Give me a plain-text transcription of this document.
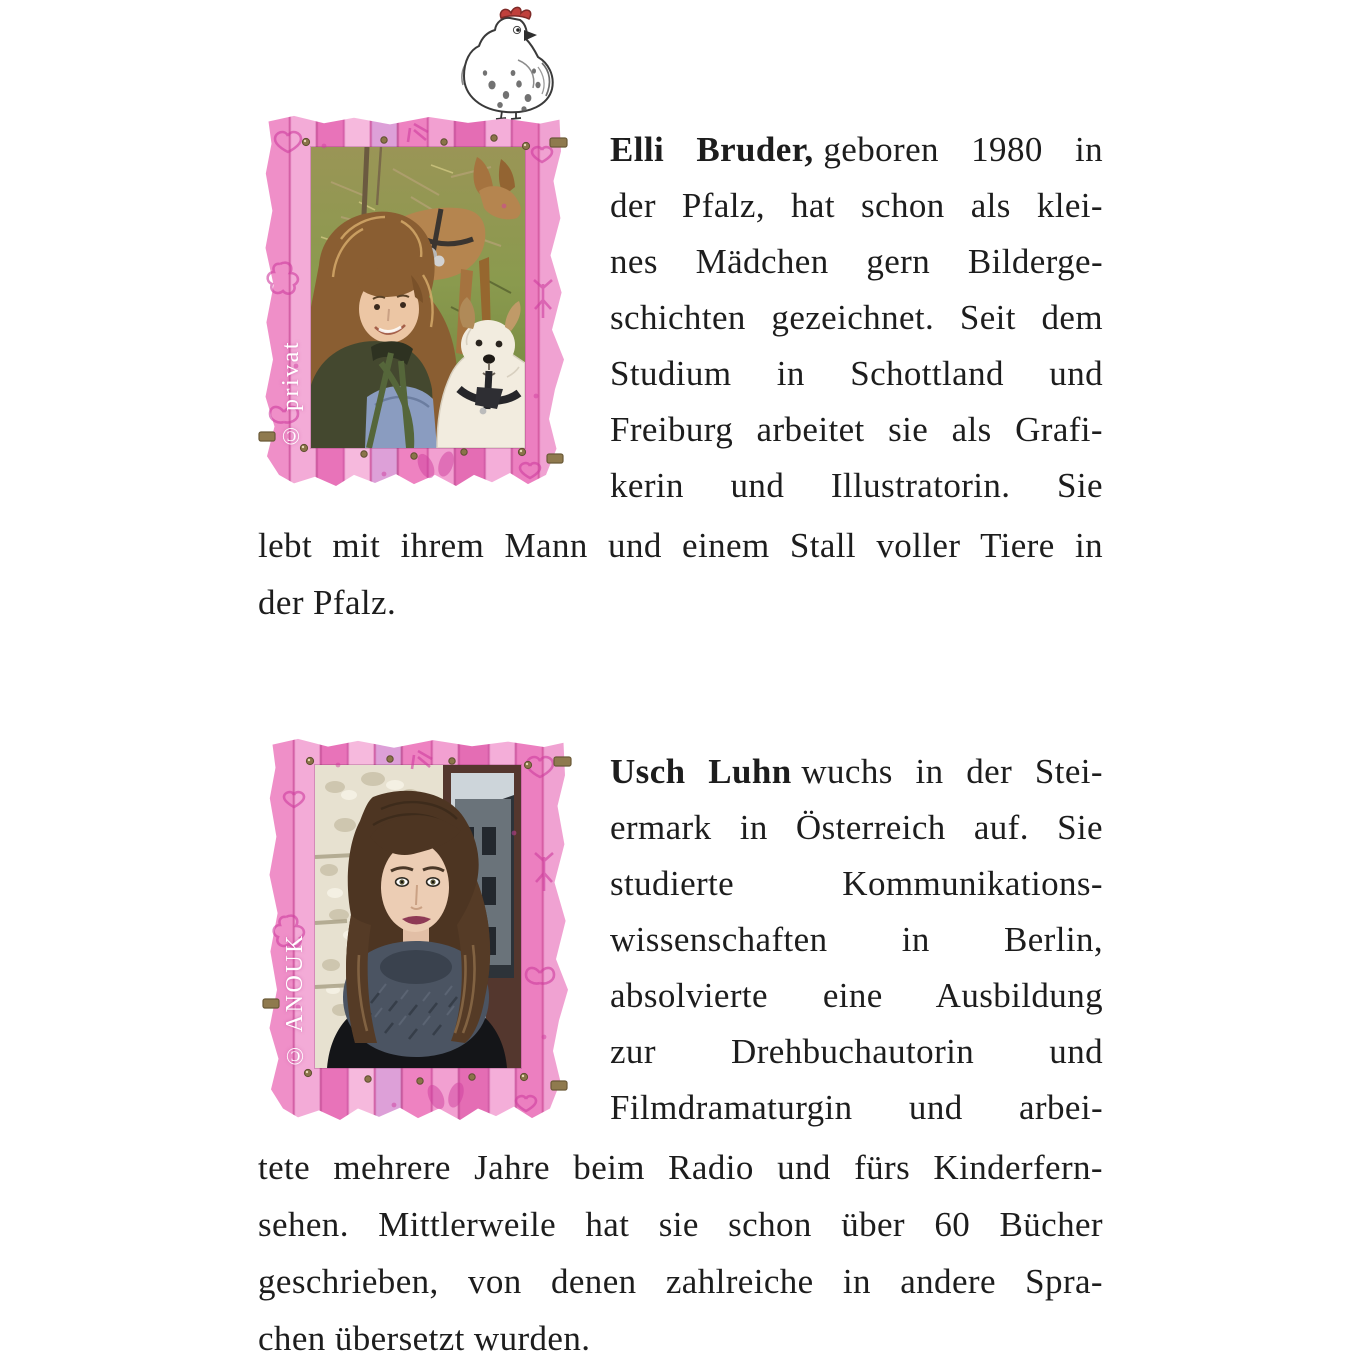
© privat
Elli Bruder, geboren 1980 in
der Pfalz, hat schon als klei-
nes Mädchen gern Bilderge-
schichten gezeichnet. Seit dem
Studium in Schottland und
Freiburg arbeitet sie als Grafi-
kerin und Illustratorin. Sie
lebt mit ihrem Mann und einem Stall voller Tiere in
der Pfalz.
© ANOUK
Usch Luhn wuchs in der Stei-
ermark in Österreich auf. Sie
studierte Kommunikations-
wissenschaften in Berlin,
absolvierte eine Ausbildung
zur Drehbuchautorin und
Filmdramaturgin und arbei-
tete mehrere Jahre beim Radio und fürs Kinderfern-
sehen. Mittlerweile hat sie schon über 60 Bücher
geschrieben, von denen zahlreiche in andere Spra-
chen übersetzt wurden.
